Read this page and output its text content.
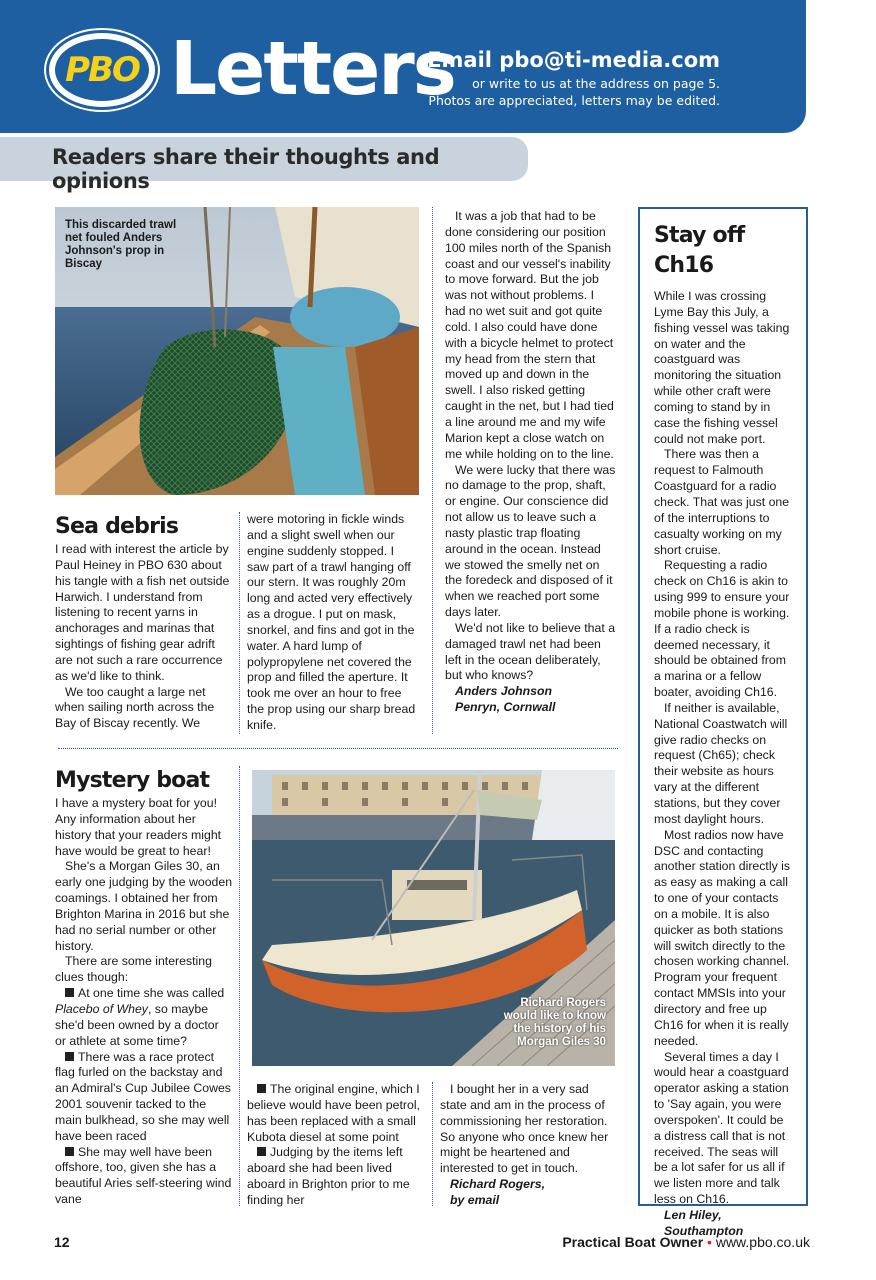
PBO Letters
Email pbo@ti-media.com
or write to us at the address on page 5.
Photos are appreciated, letters may be edited.
Readers share their thoughts and opinions
This discarded trawl net fouled Anders Johnson's prop in Biscay
Sea debris

I read with interest the article by Paul Heiney in PBO 630 about his tangle with a fish net outside Harwich. I understand from listening to recent yarns in anchorages and marinas that sightings of fishing gear adrift are not such a rare occurrence as we'd like to think.

We too caught a large net when sailing north across the Bay of Biscay recently. We

were motoring in fickle winds and a slight swell when our engine suddenly stopped. I saw part of a trawl hanging off our stern. It was roughly 20m long and acted very effectively as a drogue. I put on mask, snorkel, and fins and got in the water. A hard lump of polypropylene net covered the prop and filled the aperture. It took me over an hour to free the prop using our sharp bread knife.

It was a job that had to be done considering our position 100 miles north of the Spanish coast and our vessel's inability to move forward. But the job was not without problems. I had no wet suit and got quite cold. I also could have done with a bicycle helmet to protect my head from the stern that moved up and down in the swell. I also risked getting caught in the net, but I had tied a line around me and my wife Marion kept a close watch on me while holding on to the line.

We were lucky that there was no damage to the prop, shaft, or engine. Our conscience did not allow us to leave such a nasty plastic trap floating around in the ocean. Instead we stowed the smelly net on the foredeck and disposed of it when we reached port some days later.

We'd not like to believe that a damaged trawl net had been left in the ocean deliberately, but who knows?

Anders Johnson
Penryn, Cornwall
Mystery boat

I have a mystery boat for you! Any information about her history that your readers might have would be great to hear!

She's a Morgan Giles 30, an early one judging by the wooden coamings. I obtained her from Brighton Marina in 2016 but she had no serial number or other history.

There are some interesting clues though:

At one time she was called Placebo of Whey, so maybe she'd been owned by a doctor or athlete at some time?

There was a race protect flag furled on the backstay and an Admiral's Cup Jubilee Cowes 2001 souvenir tacked to the main bulkhead, so she may well have been raced

She may well have been offshore, too, given she has a beautiful Aries self-steering wind vane

Richard Rogers would like to know the history of his Morgan Giles 30

The original engine, which I believe would have been petrol, has been replaced with a small Kubota diesel at some point

Judging by the items left aboard she had been lived aboard in Brighton prior to me finding her

I bought her in a very sad state and am in the process of commissioning her restoration. So anyone who once knew her might be heartened and interested to get in touch.

Richard Rogers,
by email
Stay off Ch16

While I was crossing Lyme Bay this July, a fishing vessel was taking on water and the coastguard was monitoring the situation while other craft were coming to stand by in case the fishing vessel could not make port.

There was then a request to Falmouth Coastguard for a radio check. That was just one of the interruptions to casualty working on my short cruise.

Requesting a radio check on Ch16 is akin to using 999 to ensure your mobile phone is working. If a radio check is deemed necessary, it should be obtained from a marina or a fellow boater, avoiding Ch16.

If neither is available, National Coastwatch will give radio checks on request (Ch65); check their website as hours vary at the different stations, but they cover most daylight hours.

Most radios now have DSC and contacting another station directly is as easy as making a call to one of your contacts on a mobile. It is also quicker as both stations will switch directly to the chosen working channel. Program your frequent contact MMSIs into your directory and free up Ch16 for when it is really needed.

Several times a day I would hear a coastguard operator asking a station to 'Say again, you were overspoken'. It could be a distress call that is not received. The seas will be a lot safer for us all if we listen more and talk less on Ch16.

Len Hiley,
Southampton
12	Practical Boat Owner • www.pbo.co.uk
